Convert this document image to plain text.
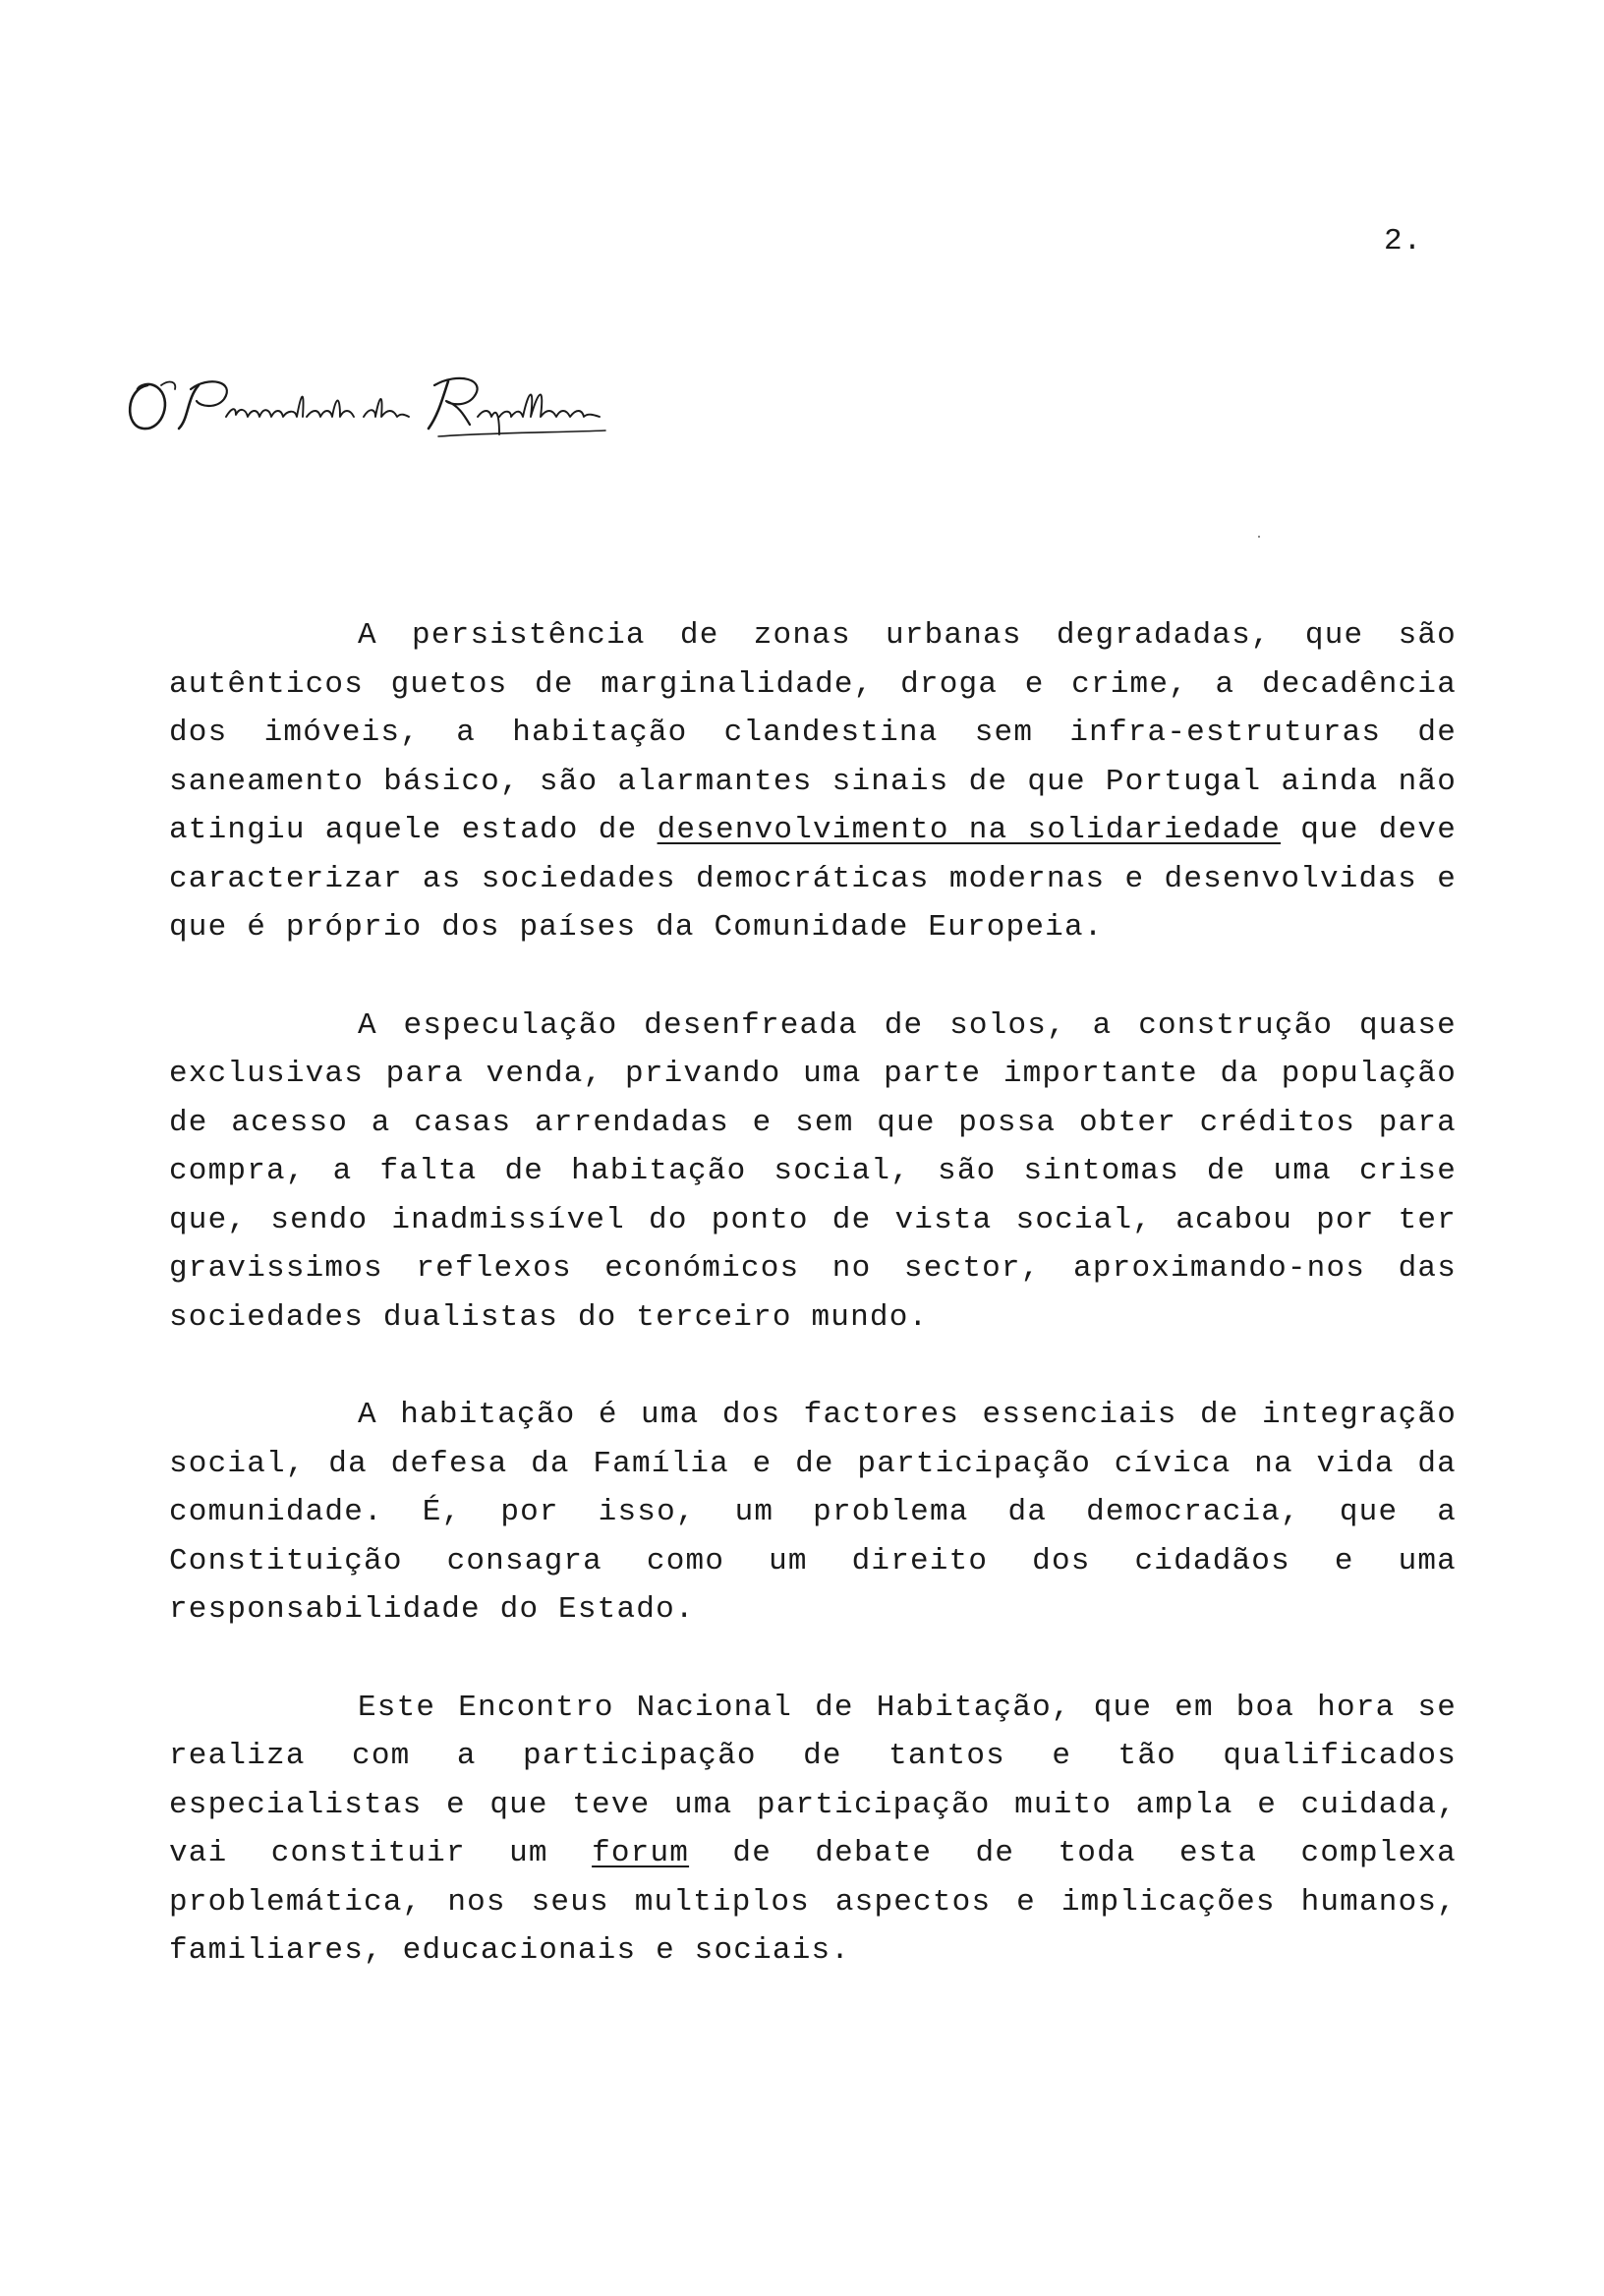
2.

A persistência de zonas urbanas degradadas, que são autênticos guetos de marginalidade, droga e crime, a decadência dos imóveis, a habitação clandestina sem infra-estruturas de saneamento básico, são alarmantes sinais de que Portugal ainda não atingiu aquele estado de desenvolvimento na solidariedade que deve caracterizar as sociedades democráticas modernas e desenvolvidas e que é próprio dos países da Comunidade Europeia.

A especulação desenfreada de solos, a construção quase exclusivas para venda, privando uma parte importante da população de acesso a casas arrendadas e sem que possa obter créditos para compra, a falta de habitação social, são sintomas de uma crise que, sendo inadmissível do ponto de vista social, acabou por ter gravissimos reflexos económicos no sector, aproximando-nos das sociedades dualistas do terceiro mundo.

A habitação é uma dos factores essenciais de integração social, da defesa da Família e de participação cívica na vida da comunidade. É, por isso, um problema da democracia, que a Constituição consagra como um direito dos cidadãos e uma responsabilidade do Estado.

Este Encontro Nacional de Habitação, que em boa hora se realiza com a participação de tantos e tão qualificados especialistas e que teve uma participação muito ampla e cuidada, vai constituir um forum de debate de toda esta complexa problemática, nos seus multiplos aspectos e implicações humanos, familiares, educacionais e sociais.
